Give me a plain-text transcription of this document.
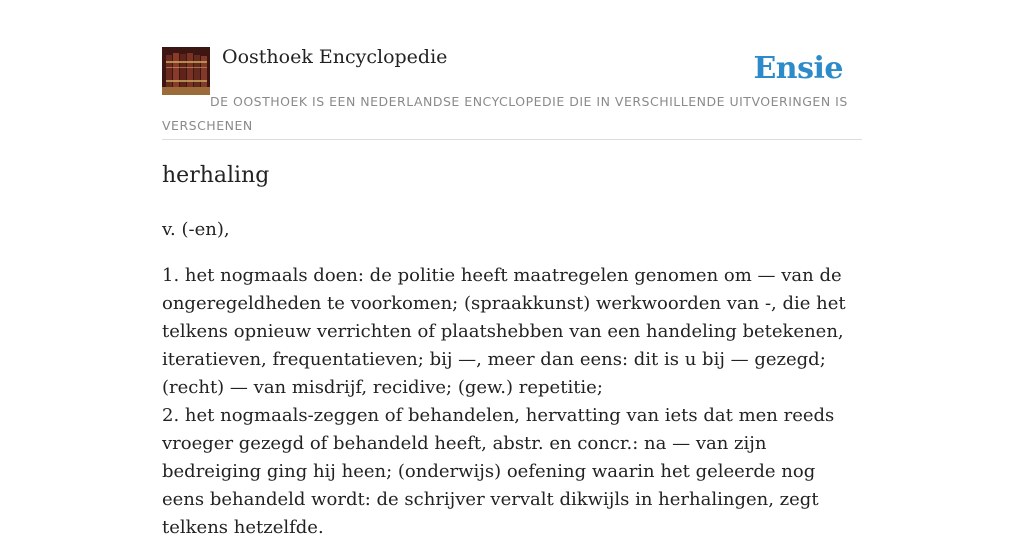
Oosthoek Encyclopedie	Ensie
DE OOSTHOEK IS EEN NEDERLANDSE ENCYCLOPEDIE DIE IN VERSCHILLENDE UITVOERINGEN IS VERSCHENEN
herhaling

v. (-en),

1. het nogmaals doen: de politie heeft maatregelen genomen om — van de ongeregeldheden te voorkomen; (spraakkunst) werkwoorden van -, die het telkens opnieuw verrichten of plaatshebben van een handeling betekenen, iteratieven, frequentatieven; bij —, meer dan eens: dit is u bij — gezegd; (recht) — van misdrijf, recidive; (gew.) repetitie;
2. het nogmaals-zeggen of behandelen, hervatting van iets dat men reeds vroeger gezegd of behandeld heeft, abstr. en concr.: na — van zijn bedreiging ging hij heen; (onderwijs) oefening waarin het geleerde nog eens behandeld wordt: de schrijver vervalt dikwijls in herhalingen, zegt telkens hetzelfde.
